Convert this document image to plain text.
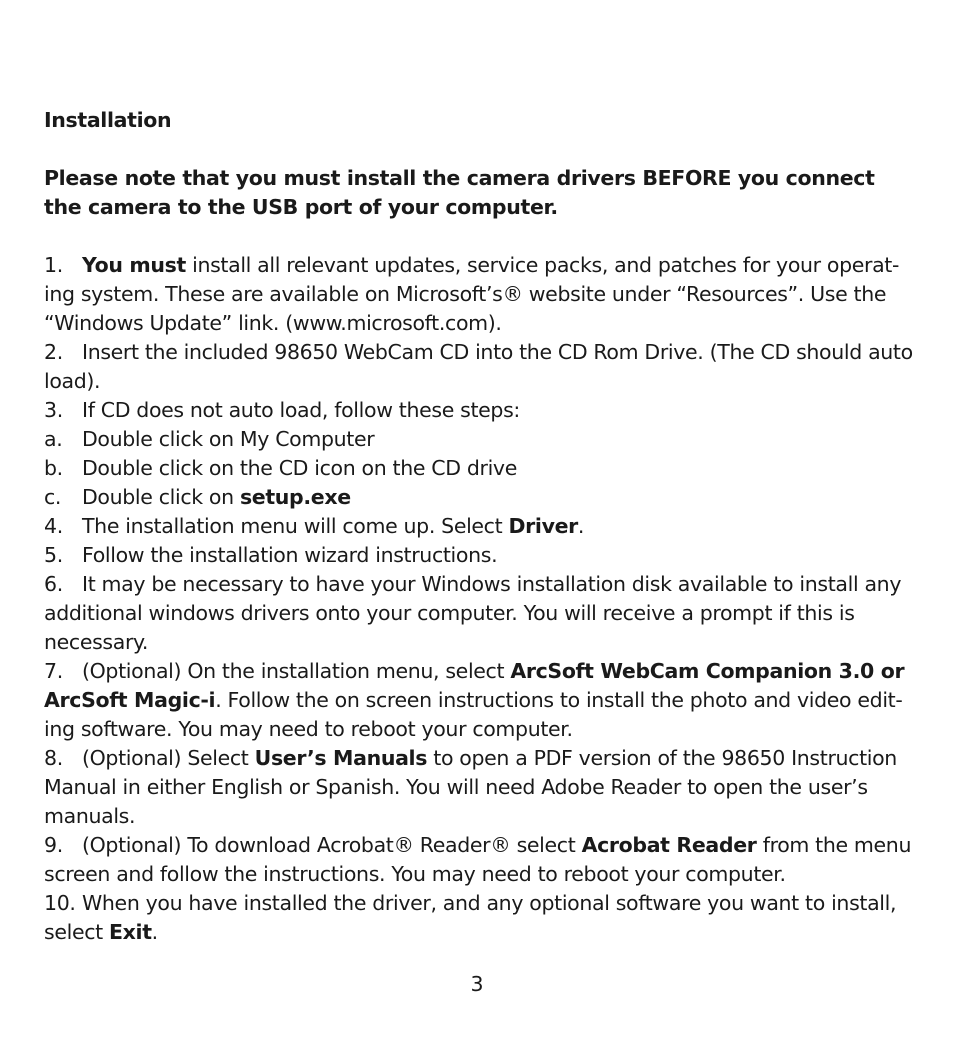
Installation

Please note that you must install the camera drivers BEFORE you connect the camera to the USB port of your computer.

1. You must install all relevant updates, service packs, and patches for your operat- ing system. These are available on Microsoft’s® website under “Resources”. Use the “Windows Update” link. (www.microsoft.com).

2. Insert the included 98650 WebCam CD into the CD Rom Drive. (The CD should auto load).

3. If CD does not auto load, follow these steps:

a. Double click on My Computer

b. Double click on the CD icon on the CD drive

c. Double click on setup.exe

4. The installation menu will come up. Select Driver.

5. Follow the installation wizard instructions.

6. It may be necessary to have your Windows installation disk available to install any additional windows drivers onto your computer. You will receive a prompt if this is necessary.

7. (Optional) On the installation menu, select ArcSoft WebCam Companion 3.0 or ArcSoft Magic-i. Follow the on screen instructions to install the photo and video edit- ing software. You may need to reboot your computer.

8. (Optional) Select User’s Manuals to open a PDF version of the 98650 Instruction Manual in either English or Spanish. You will need Adobe Reader to open the user’s manuals.

9. (Optional) To download Acrobat® Reader® select Acrobat Reader from the menu screen and follow the instructions. You may need to reboot your computer.

10. When you have installed the driver, and any optional software you want to install, select Exit.

3
